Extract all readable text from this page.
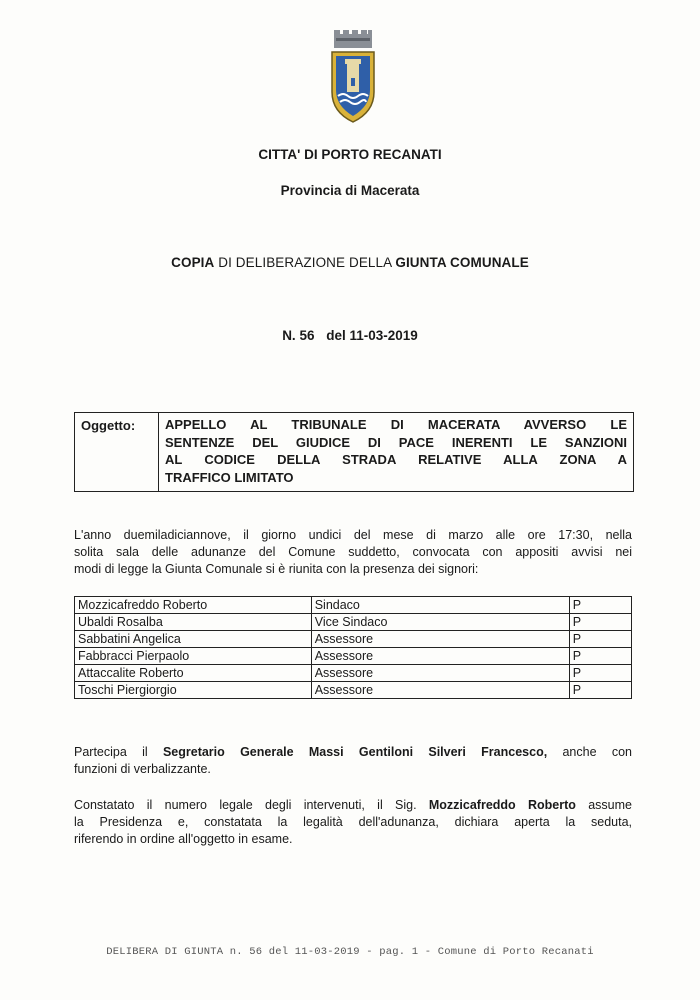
CITTA' DI PORTO RECANATI
Provincia di Macerata
COPIA DI DELIBERAZIONE DELLA GIUNTA COMUNALE
N. 56 del 11-03-2019
Oggetto:	APPELLO AL TRIBUNALE DI MACERATA AVVERSO LE
SENTENZE DEL GIUDICE DI PACE INERENTI LE SANZIONI
AL CODICE DELLA STRADA RELATIVE ALLA ZONA A
TRAFFICO LIMITATO
L'anno duemiladiciannove, il giorno undici del mese di marzo alle ore 17:30, nella
solita sala delle adunanze del Comune suddetto, convocata con appositi avvisi nei
modi di legge la Giunta Comunale si è riunita con la presenza dei signori:
Mozzicafreddo Roberto	Sindaco	P
Ubaldi Rosalba	Vice Sindaco	P
Sabbatini Angelica	Assessore	P
Fabbracci Pierpaolo	Assessore	P
Attaccalite Roberto	Assessore	P
Toschi Piergiorgio	Assessore	P
Partecipa il Segretario Generale Massi Gentiloni Silveri Francesco, anche con
funzioni di verbalizzante.
Constatato il numero legale degli intervenuti, il Sig. Mozzicafreddo Roberto assume
la Presidenza e, constatata la legalità dell'adunanza, dichiara aperta la seduta,
riferendo in ordine all'oggetto in esame.
DELIBERA DI GIUNTA n. 56 del 11-03-2019 - pag. 1 - Comune di Porto Recanati
